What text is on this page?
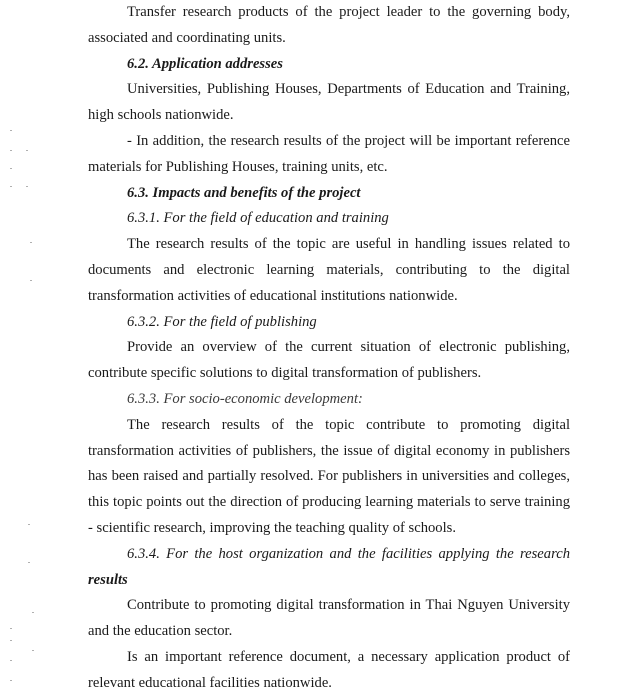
Transfer research products of the project leader to the governing body, associated and coordinating units.

6.2. Application addresses

Universities, Publishing Houses, Departments of Education and Training, high schools nationwide.

- In addition, the research results of the project will be important reference materials for Publishing Houses, training units, etc.

6.3. Impacts and benefits of the project

6.3.1. For the field of education and training

The research results of the topic are useful in handling issues related to documents and electronic learning materials, contributing to the digital transformation activities of educational institutions nationwide.

6.3.2. For the field of publishing

Provide an overview of the current situation of electronic publishing, contribute specific solutions to digital transformation of publishers.

6.3.3. For socio-economic development:

The research results of the topic contribute to promoting digital transformation activities of publishers, the issue of digital economy in publishers has been raised and partially resolved. For publishers in universities and colleges, this topic points out the direction of producing learning materials to serve training - scientific research, improving the teaching quality of schools.

6.3.4. For the host organization and the facilities applying the research results

Contribute to promoting digital transformation in Thai Nguyen University and the education sector.

Is an important reference document, a necessary application product of relevant educational facilities nationwide.
